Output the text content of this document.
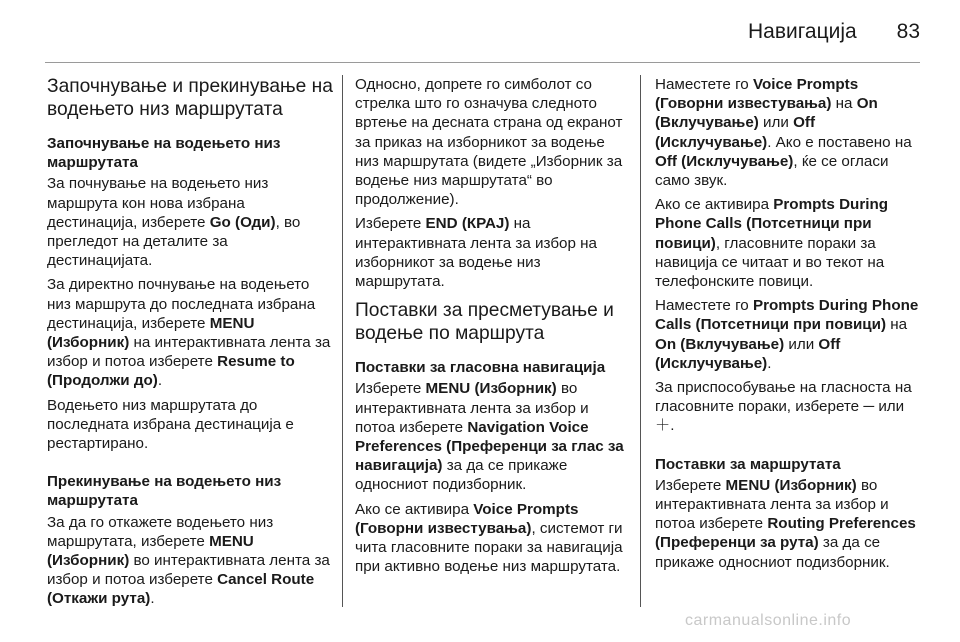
Навигација	83
Започнување и прекинување на водењето низ маршрутата
Започнување на водењето низ маршрутата

За почнување на водењето низ маршрута кон нова избрана дестинација, изберете Go (Оди), во прегледот на деталите за дестинацијата.

За директно почнување на водењето низ маршрута до последната избрана дестинација, изберете MENU (Изборник) на интерактивната лента за избор и потоа изберете Resume to (Продолжи до).

Водењето низ маршрутата до последната избрана дестинација е рестартирано.

Прекинување на водењето низ маршрутата

За да го откажете водењето низ маршрутата, изберете MENU (Изборник) во интерактивната лента за избор и потоа изберете Cancel Route (Откажи рута).

Односно, допрете го симболот со стрелка што го означува следното вртење на десната страна од екранот за приказ на изборникот за водење низ маршрутата (видете „Изборник за водење низ маршрутата“ во продолжение).

Изберете END (КРАЈ) на интерактивната лента за избор на изборникот за водење низ маршрутата.

Поставки за пресметување и водење по маршрута
Поставки за гласовна навигација

Изберете MENU (Изборник) во интерактивната лента за избор и потоа изберете Navigation Voice Preferences (Преференци за глас за навигација) за да се прикаже односниот подизборник.

Ако се активира Voice Prompts (Говорни известувања), системот ги чита гласовните пораки за навигација при активно водење низ маршрутата.

Наместете го Voice Prompts (Говорни известувања) на On (Вклучување) или Off (Исклучување). Ако е поставено на Off (Исклучување), ќе се огласи само звук.

Ако се активира Prompts During Phone Calls (Потсетници при повици), гласовните пораки за навиција се читаат и во текот на телефонските повици.

Наместете го Prompts During Phone Calls (Потсетници при повици) на On (Вклучување) или Off (Исклучување).

За приспособување на гласноста на гласовните пораки, изберете ─ или ＋.

Поставки за маршрутата

Изберете MENU (Изборник) во интерактивната лента за избор и потоа изберете Routing Preferences (Преференци за рута) за да се прикаже односниот подизборник.

carmanualsonline.info
